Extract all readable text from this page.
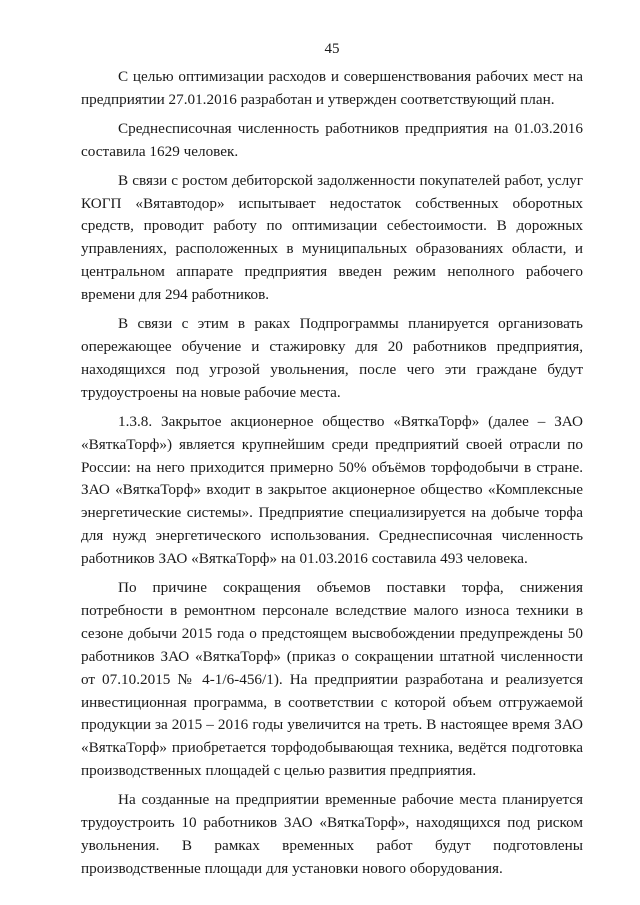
45

С целью оптимизации расходов и совершенствования рабочих мест на предприятии 27.01.2016 разработан и утвержден соответствующий план.

Среднесписочная численность работников предприятия на 01.03.2016 составила 1629 человек.

В связи с ростом дебиторской задолженности покупателей работ, услуг КОГП «Вятавтодор» испытывает недостаток собственных оборотных средств, проводит работу по оптимизации себестоимости. В дорожных управлениях, расположенных в муниципальных образованиях области, и центральном аппарате предприятия введен режим неполного рабочего времени для 294 работников.

В связи с этим в раках Подпрограммы планируется организовать опережающее обучение и стажировку для 20 работников предприятия, находящихся под угрозой увольнения, после чего эти граждане будут трудоустроены на новые рабочие места.

1.3.8. Закрытое акционерное общество «ВяткаТорф» (далее – ЗАО «ВяткаТорф») является крупнейшим среди предприятий своей отрасли по России: на него приходится примерно 50% объёмов торфодобычи в стране. ЗАО «ВяткаТорф» входит в закрытое акционерное общество «Комплексные энергетические системы». Предприятие специализируется на добыче торфа для нужд энергетического использования. Среднесписочная численность работников ЗАО «ВяткаТорф» на 01.03.2016 составила 493 человека.

По причине сокращения объемов поставки торфа, снижения потребности в ремонтном персонале вследствие малого износа техники в сезоне добычи 2015 года о предстоящем высвобождении предупреждены 50 работников ЗАО «ВяткаТорф» (приказ о сокращении штатной численности от 07.10.2015 № 4-1/6-456/1). На предприятии разработана и реализуется инвестиционная программа, в соответствии с которой объем отгружаемой продукции за 2015 – 2016 годы увеличится на треть. В настоящее время ЗАО «ВяткаТорф» приобретается торфодобывающая техника, ведётся подготовка производственных площадей с целью развития предприятия.

На созданные на предприятии временные рабочие места планируется трудоустроить 10 работников ЗАО «ВяткаТорф», находящихся под риском увольнения. В рамках временных работ будут подготовлены производственные площади для установки нового оборудования.
